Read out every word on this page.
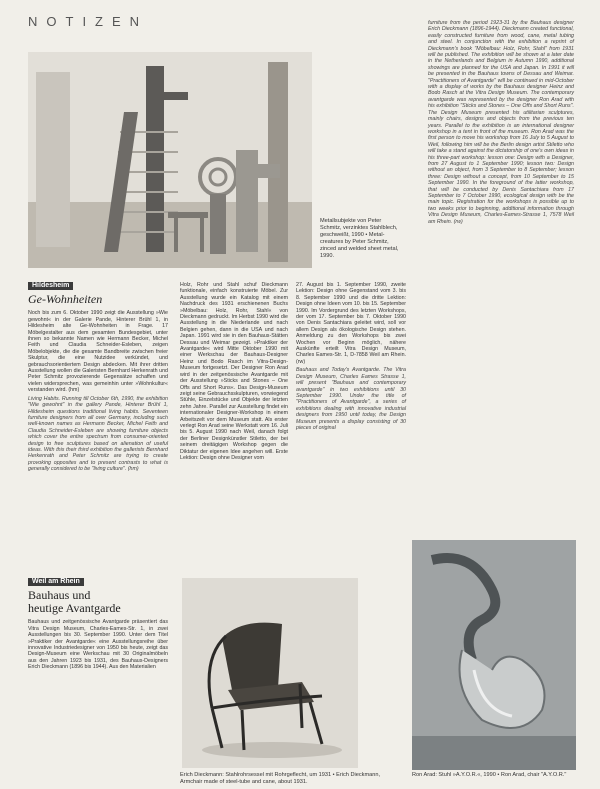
NOTIZEN
Metallsubjekte von Peter Schmitz, verzinktes Stahlblech, geschweißt, 1990 • Metal-creatures by Peter Schmitz, zinced and welded sheet metal, 1990.
Hildesheim
Ge-Wohnheiten

Noch bis zum 6. Oktober 1990 zeigt die Ausstellung »Wie gewohnt« in der Galerie Pande, Hinterer Brühl 1, in Hildesheim alte Ge-Wohnheiten in Frage. 17 Möbelgestalter aus dem gesamten Bundesgebiet, unter ihnen so bekannte Namen wie Hermann Becker, Michel Feith und Claudia Schneider-Esleben, zeigen Möbelobjekte, die die gesamte Bandbreite zwischen freier Skulptur, die eine Nutzidee verkündet, und gebrauchsorientiertem Design abdecken. Mit ihrer dritten Ausstellung wollen die Galeristen Bernhard Herkenrath und Peter Schmitz provozierende Gegensätze schaffen und vielen widersprechen, was gemeinhin unter »Wohnkultur« verstanden wird. (hm)

Living Habits. Running till October 6th, 1990, the exhibition "Wie gewohnt" in the gallery Pande, Hinterer Brühl 1, Hildesheim questions traditional living habits. Seventeen furniture designers from all over Germany, including such well-known names as Hermann Becker, Michel Feith and Claudia Schneider-Esleben are showing furniture objects which cover the entire spectrum from consumer-oriented design to free sculptures based on alienation of useful ideas. With this their third exhibition the gallerists Bernhard Herkenrath and Peter Schmitz are trying to create provoking opposites and to present contrasts to what is generally considered to be "living culture". (hm)

Weil am Rhein
Bauhaus und
heutige Avantgarde

Bauhaus und zeitgenössische Avantgarde präsentiert das Vitra Design Museum, Charles-Eames-Str. 1, in zwei Ausstellungen bis 30. September 1990. Unter dem Titel »Praktiker der Avantgarde« eine Ausstellungsreihe über innovative Industriedesigner von 1950 bis heute, zeigt das Design-Museum eine Werkschau mit 30 Originalmöbeln aus den Jahren 1923 bis 1931, des Bauhaus-Designers Erich Dieckmann (1896 bis 1944). Aus den Materialien

Holz, Rohr und Stahl schuf Dieckmann funktionale, einfach konstruierte Möbel. Zur Ausstellung wurde ein Katalog mit einem Nachdruck des 1931 erschienenen Buchs »Möbelbau: Holz, Rohr, Stahl« von Dieckmann gedruckt. Im Herbst 1990 wird die Ausstellung in die Niederlande und nach Belgien gehen, dann in die USA und nach Japan. 1991 wird sie in den Bauhaus-Stätten Dessau und Weimar gezeigt. »Praktiker der Avantgarde« wird Mitte Oktober 1990 mit einer Werkschau der Bauhaus-Designer Heinz und Bodo Rasch im Vitra-Design-Museum fortgesetzt. Der Designer Ron Arad wird in der zeitgenössische Avantgarde mit der Ausstellung »Sticks and Stones – One Offs and Short Runs«. Das Design-Museum zeigt seine Gebrauchsskulpturen, vorwiegend Stühle, Einzelstücke und Objekte der letzten zehn Jahre. Parallel zur Ausstellung findet ein internationaler Designer-Workshop in einem Arbeitszelt vor dem Museum statt. Als erster verlegt Ron Arad seine Werkstatt vom 16. Juli bis 5. August 1990 nach Weil, danach folgt der Berliner Designkünstler Stiletto, der bei seinem dreitägigen Workshop gegen die Diktatur der eigenen Idee angehen will. Erste Lektion: Design ohne Designer vom

27. August bis 1. September 1990, zweite Lektion: Design ohne Gegenstand vom 3. bis 8. September 1990 und die dritte Lektion: Design ohne Ideen vom 10. bis 15. September 1990. Im Vordergrund des letzten Workshops, der vom 17. September bis 7. Oktober 1990 von Denis Santachiara geleitet wird, soll vor allem Design als ökologische Design stehen. Anmeldung zu den Workshops bis zwei Wochen vor Beginn möglich, nähere Auskünfte erteilt Vitra Design Museum, Charles Eames-Str. 1, D-7858 Weil am Rhein. (rw)

Bauhaus and Today's Avantgarde. The Vitra Design Museum, Charles Eames Strasse 1, will present "Bauhaus and contemporary avantgarde" in two exhibitions until 30 September 1990. Under the title of "Practitioners of Avantgarde", a series of exhibitions dealing with innovative industrial designers from 1950 until today, the Design Museum presents a display consisting of 30 pieces of original

furniture from the period 1923-31 by the Bauhaus designer Erich Dieckmann (1896-1944). Dieckmann created functional, easily constructed furniture from wood, cane, metal tubing and steel. In conjunction with the exhibition a reprint of Dieckmann's book "Möbelbau: Holz, Rohr, Stahl" from 1931 will be published. The exhibition will be shown at a later date in the Netherlands and Belgium in Autumn 1990, additional showings are planned for the USA and Japan. In 1991 it will be presented in the Bauhaus towns of Dessau and Weimar. "Practitioners of Avantgarde" will be continued in mid-October with a display of works by the Bauhaus designer Heinz and Bodo Rasch at the Vitra Design Museum. The contemporary avantgarde was represented by the designer Ron Arad with his exhibition "Sticks and Stones – One Offs and Short Runs". The Design Museum presented his utilitarian sculptures, mainly chairs, designs and objects from the previous ten years. Parallel to the exhibition is an international designer workshop in a tent in front of the museum. Ron Arad was the first person to move his workshop from 16 July to 5 August to Weil, following him will be the Berlin design artist Stiletto who will take a stand against the dictatorship of one's own ideas in his three-part workshop: lesson one: Design with a Designer, from 27 August to 1 September 1990; lesson two: Design without an object, from 3 September to 8 September; lesson three: Design without a concept, from 10 September to 15 September 1990. In the foreground of the latter workshop, that will be conducted by Denis Santachiara from 17 September to 7 October 1990, ecological design with be the main topic. Registration for the workshops is possible up to two weeks prior to beginning, additional information through Vitra Design Museum, Charles-Eames-Strasse 1, 7578 Weil am Rhein. (rw)

Erich Dieckmann: Stahlrohrsessel mit Rohrgeflecht, um 1931 • Erich Dieckmann, Armchair made of steel-tube and cane, about 1931.
Ron Arad: Stuhl »A.Y.O.R.«, 1990 • Ron Arad, chair "A.Y.O.R."
